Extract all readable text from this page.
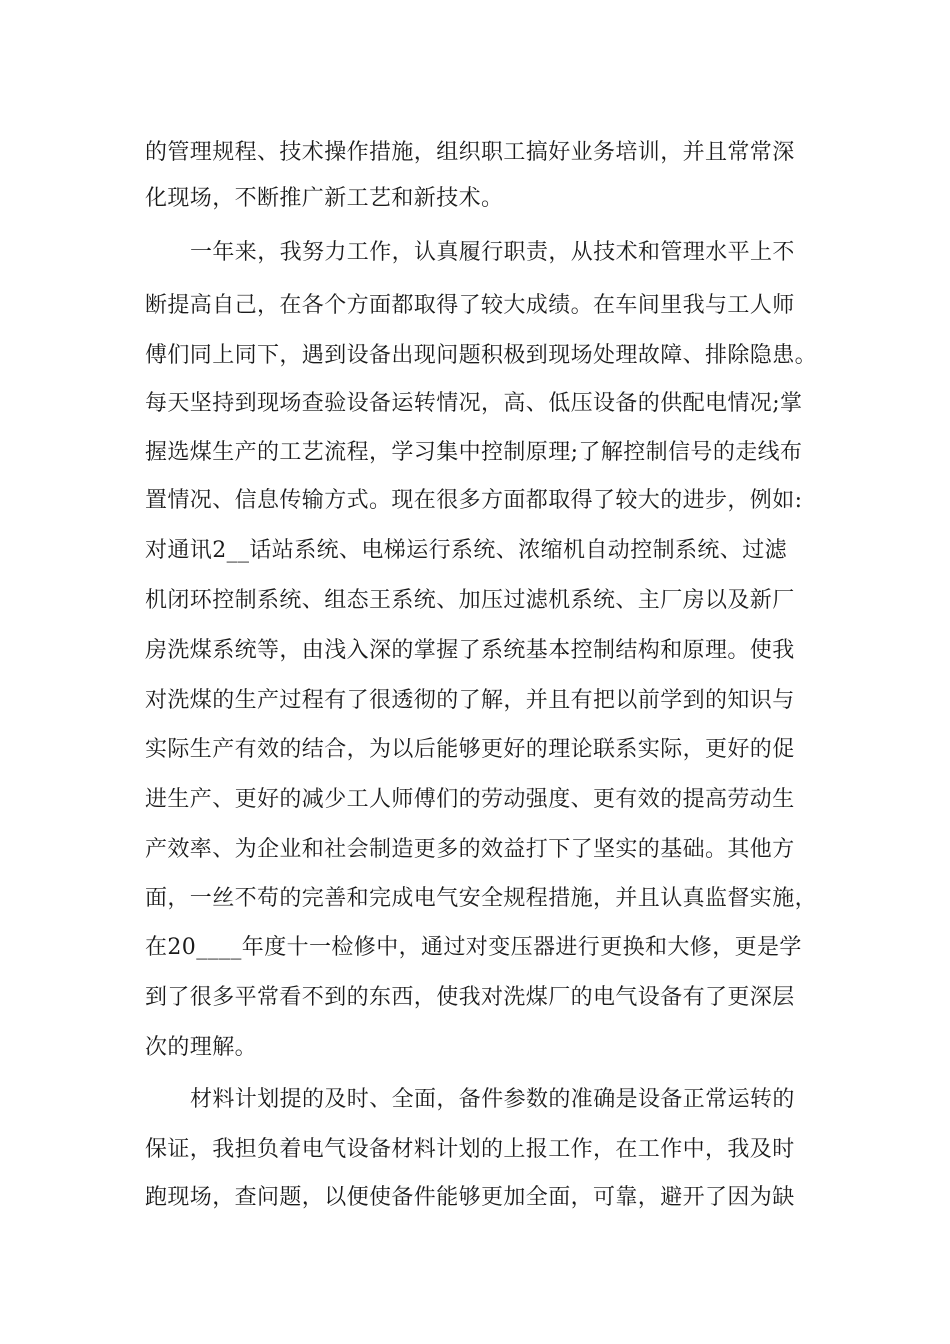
的管理规程、技术操作措施，组织职工搞好业务培训，并且常常深
化现场，不断推广新工艺和新技术。
一年来，我努力工作，认真履行职责，从技术和管理水平上不
断提高自己，在各个方面都取得了较大成绩。在车间里我与工人师
傅们同上同下，遇到设备出现问题积极到现场处理故障、排除隐患。
每天坚持到现场查验设备运转情况，高、低压设备的供配电情况;掌
握选煤生产的工艺流程，学习集中控制原理;了解控制信号的走线布
置情况、信息传输方式。现在很多方面都取得了较大的进步，例如:
对通讯2__话站系统、电梯运行系统、浓缩机自动控制系统、过滤
机闭环控制系统、组态王系统、加压过滤机系统、主厂房以及新厂
房洗煤系统等，由浅入深的掌握了系统基本控制结构和原理。使我
对洗煤的生产过程有了很透彻的了解，并且有把以前学到的知识与
实际生产有效的结合，为以后能够更好的理论联系实际，更好的促
进生产、更好的减少工人师傅们的劳动强度、更有效的提高劳动生
产效率、为企业和社会制造更多的效益打下了坚实的基础。其他方
面，一丝不苟的完善和完成电气安全规程措施，并且认真监督实施，
在20____年度十一检修中，通过对变压器进行更换和大修，更是学
到了很多平常看不到的东西，使我对洗煤厂的电气设备有了更深层
次的理解。
材料计划提的及时、全面，备件参数的准确是设备正常运转的
保证，我担负着电气设备材料计划的上报工作，在工作中，我及时
跑现场，查问题，以便使备件能够更加全面，可靠，避开了因为缺
